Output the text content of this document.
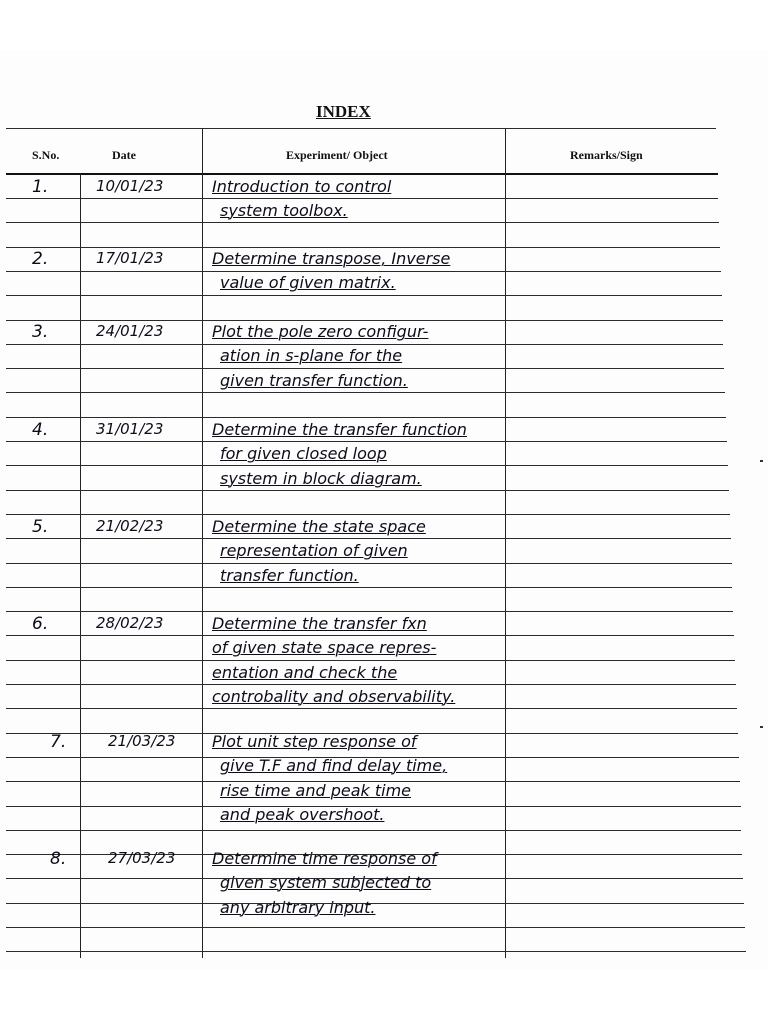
INDEX
S.No.	Date	Experiment/ Object	Remarks/Sign
1.	10/01/23	Introduction to control
system toolbox.
2.	17/01/23	Determine transpose, Inverse
value of given matrix.
3.	24/01/23	Plot the pole zero configur-
ation in s-plane for the
given transfer function.
4.	31/01/23	Determine the transfer function
for given closed loop
system in block diagram.
5.	21/02/23	Determine the state space
representation of given
transfer function.
6.	28/02/23	Determine the transfer fxn
of given state space repres-
entation and check the
controbality and observability.
7.	21/03/23 Plot unit step response of
give T.F and find delay time,
rise time and peak time
and peak overshoot.
8.	27/03/23 Determine time response of
given system subjected to
any arbitrary input.
